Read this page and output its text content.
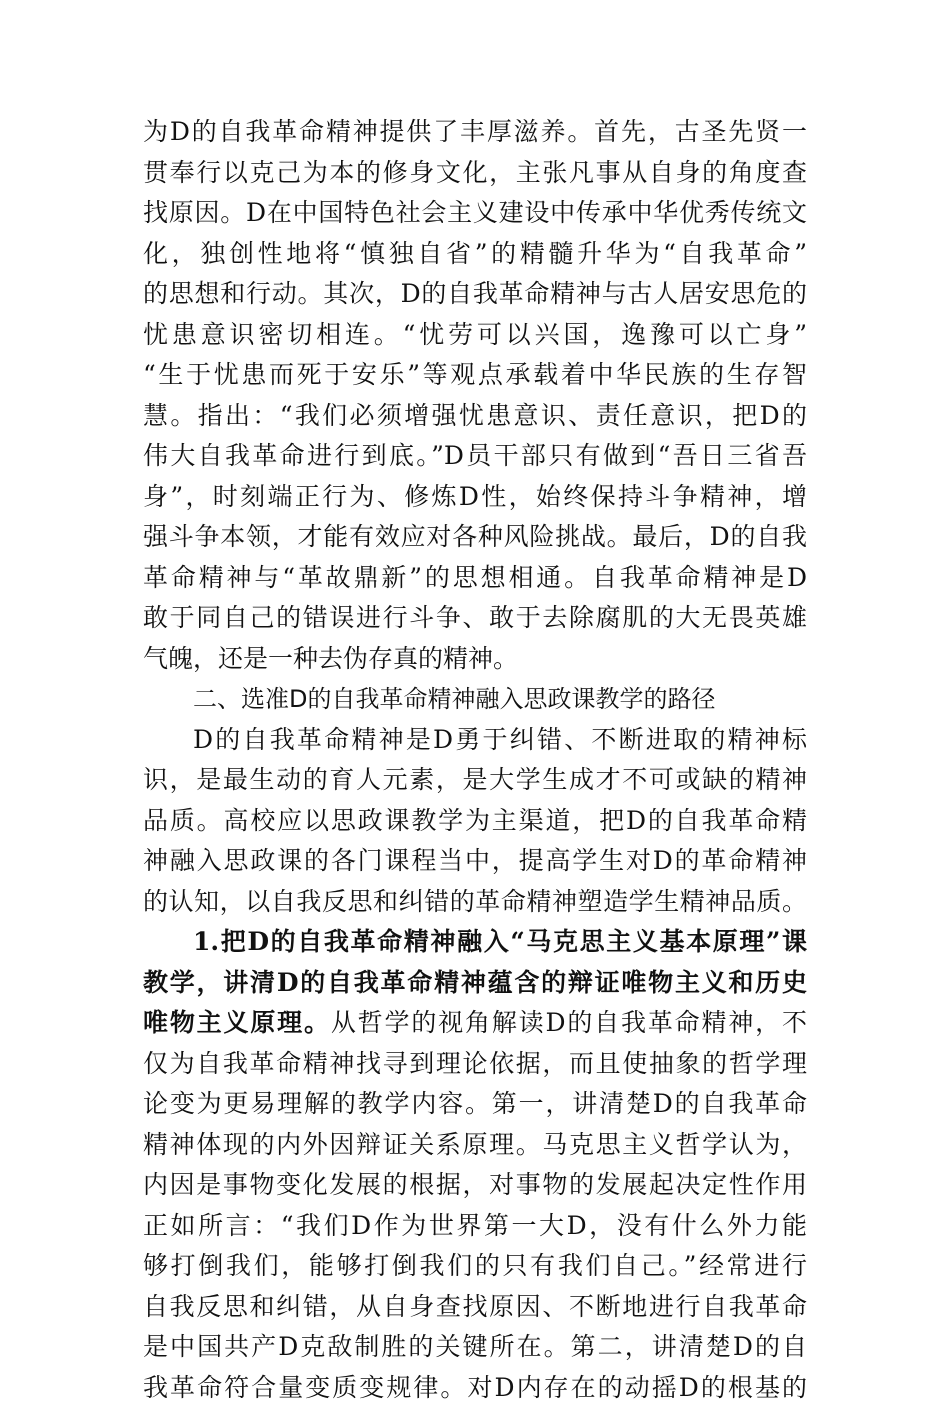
为D的自我革命精神提供了丰厚滋养。首先，古圣先贤一
贯奉行以克己为本的修身文化，主张凡事从自身的角度查
找原因。D在中国特色社会主义建设中传承中华优秀传统文
化，独创性地将“慎独自省”的精髓升华为“自我革命”
的思想和行动。其次，D的自我革命精神与古人居安思危的
忧患意识密切相连。“忧劳可以兴国，逸豫可以亡身”
“生于忧患而死于安乐”等观点承载着中华民族的生存智
慧。指出：“我们必须增强忧患意识、责任意识，把D的
伟大自我革命进行到底。”D员干部只有做到“吾日三省吾
身”，时刻端正行为、修炼D性，始终保持斗争精神，增
强斗争本领，才能有效应对各种风险挑战。最后，D的自我
革命精神与“革故鼎新”的思想相通。自我革命精神是D
敢于同自己的错误进行斗争、敢于去除腐肌的大无畏英雄
气魄，还是一种去伪存真的精神。
二、选准D的自我革命精神融入思政课教学的路径
D的自我革命精神是D勇于纠错、不断进取的精神标
识，是最生动的育人元素，是大学生成才不可或缺的精神
品质。高校应以思政课教学为主渠道，把D的自我革命精
神融入思政课的各门课程当中，提高学生对D的革命精神
的认知，以自我反思和纠错的革命精神塑造学生精神品质。
1.把D的自我革命精神融入“马克思主义基本原理”课
教学，讲清D的自我革命精神蕴含的辩证唯物主义和历史
唯物主义原理。从哲学的视角解读D的自我革命精神，不
仅为自我革命精神找寻到理论依据，而且使抽象的哲学理
论变为更易理解的教学内容。第一，讲清楚D的自我革命
精神体现的内外因辩证关系原理。马克思主义哲学认为，
内因是事物变化发展的根据，对事物的发展起决定性作用
正如所言：“我们D作为世界第一大D，没有什么外力能
够打倒我们，能够打倒我们的只有我们自己。”经常进行
自我反思和纠错，从自身查找原因、不断地进行自我革命
是中国共产D克敌制胜的关键所在。第二，讲清楚D的自
我革命符合量变质变规律。对D内存在的动摇D的根基的
